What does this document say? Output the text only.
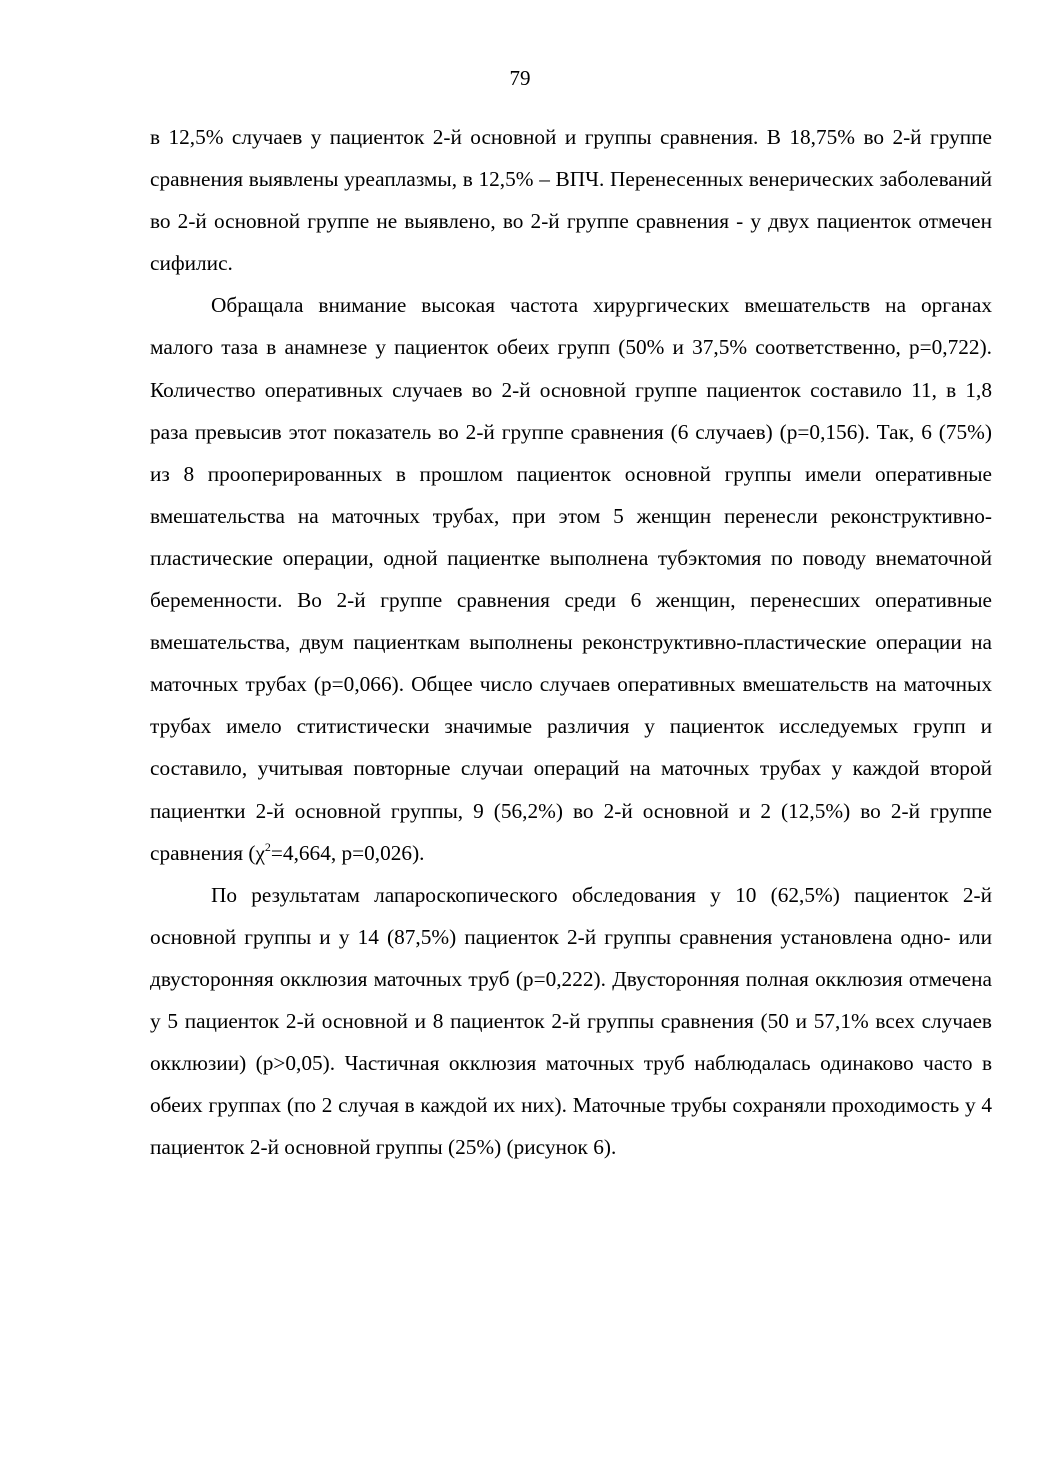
79

в 12,5% случаев у пациенток 2-й основной и группы сравнения. В 18,75% во 2-й группе сравнения выявлены уреаплазмы, в 12,5% – ВПЧ. Перенесенных венерических заболеваний во 2-й основной группе не выявлено, во 2-й группе сравнения - у двух пациенток отмечен сифилис.

Обращала внимание высокая частота хирургических вмешательств на органах малого таза в анамнезе у пациенток обеих групп (50% и 37,5% соответственно, p=0,722). Количество оперативных случаев во 2-й основной группе пациенток составило 11, в 1,8 раза превысив этот показатель во 2-й группе сравнения (6 случаев) (p=0,156). Так, 6 (75%) из 8 прооперированных в прошлом пациенток основной группы имели оперативные вмешательства на маточных трубах, при этом 5 женщин перенесли реконструктивно-пластические операции, одной пациентке выполнена тубэктомия по поводу внематочной беременности. Во 2-й группе сравнения среди 6 женщин, перенесших оперативные вмешательства, двум пациенткам выполнены реконструктивно-пластические операции на маточных трубах (p=0,066). Общее число случаев оперативных вмешательств на маточных трубах имело ститистически значимые различия у пациенток исследуемых групп и составило, учитывая повторные случаи операций на маточных трубах у каждой второй пациентки 2-й основной группы, 9 (56,2%) во 2-й основной и 2 (12,5%) во 2-й группе сравнения ($\chi^2=4,664$, p=0,026).

По результатам лапароскопического обследования у 10 (62,5%) пациенток 2-й основной группы и у 14 (87,5%) пациенток 2-й группы сравнения установлена одно- или двусторонняя окклюзия маточных труб (p=0,222). Двусторонняя полная окклюзия отмечена у 5 пациенток 2-й основной и 8 пациенток 2-й группы сравнения (50 и 57,1% всех случаев окклюзии) (p>0,05). Частичная окклюзия маточных труб наблюдалась одинаково часто в обеих группах (по 2 случая в каждой их них). Маточные трубы сохраняли проходимость у 4 пациенток 2-й основной группы (25%) (рисунок 6).
